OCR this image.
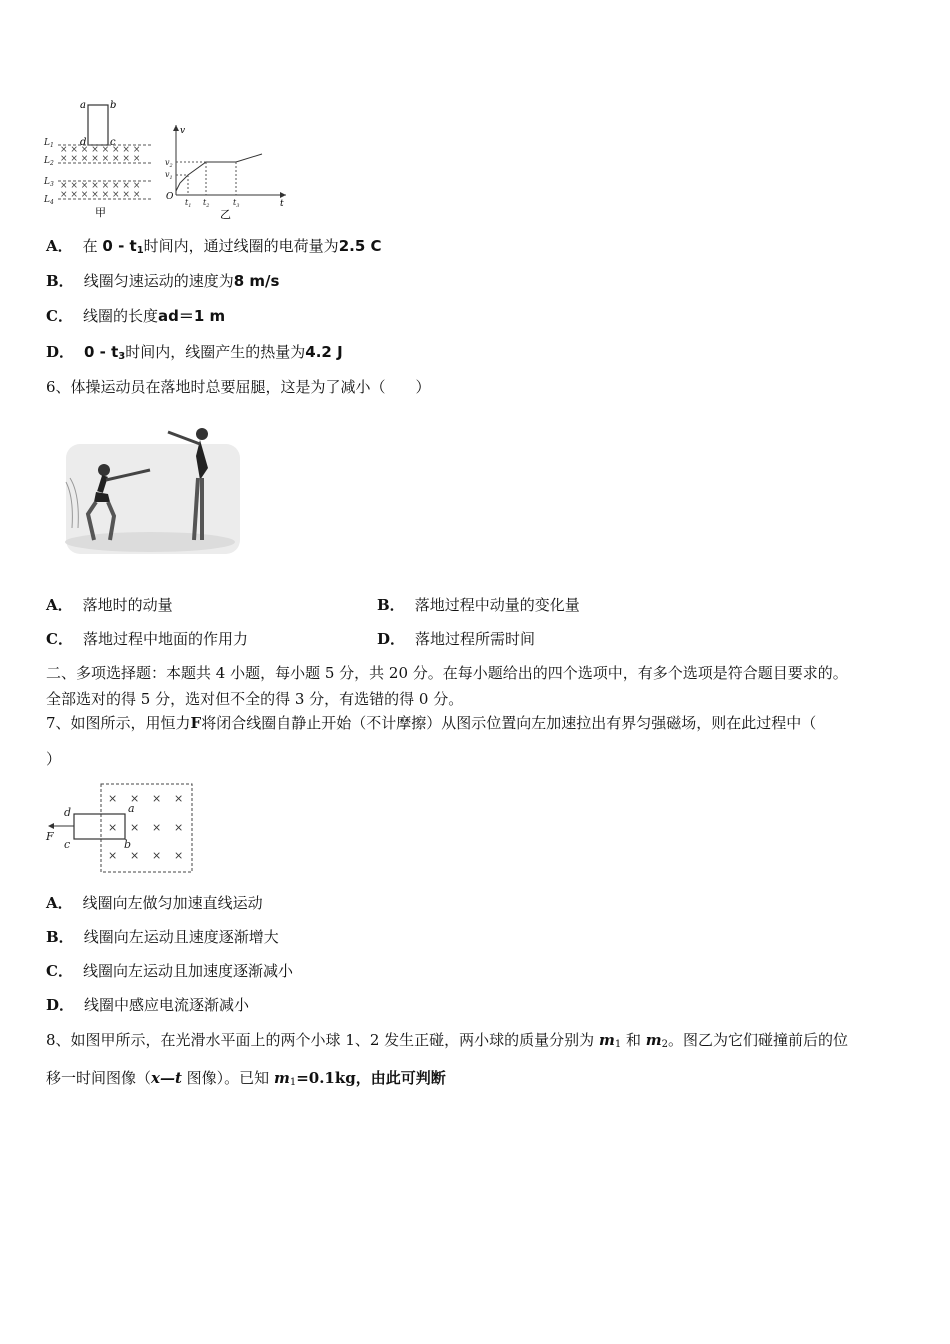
a b
d c
× × × × × × × ×
× × × × × × × ×
× × × × × × × ×
× × × × × × × ×
$L_1$
$L_2$
$L_3$
$L_4$
甲
v
t
O
$v_2$
$v_1$
$t_1$ $t_2$	$t_3$
乙
A． 在 $0 - t_1$时间内，通过线圈的电荷量为2.5 C
B． 线圈匀速运动的速度为8 m/s
C． 线圈的长度ad＝1 m
D． $0 - t_3$时间内，线圈产生的热量为4.2 J
6、体操运动员在落地时总要屈腿，这是为了减小（　　）
A． 落地时的动量	B． 落地过程中动量的变化量
C． 落地过程中地面的作用力	D． 落地过程所需时间
二、多项选择题：本题共 4 小题，每小题 5 分，共 20 分。在每小题给出的四个选项中，有多个选项是符合题目要求的。
全部选对的得 5 分，选对但不全的得 3 分，有选错的得 0 分。
7、如图所示，用恒力F将闭合线圈自静止开始（不计摩擦）从图示位置向左加速拉出有界匀强磁场，则在此过程中（
）
× × × ×
× × × ×
× × × ×
F
d
c
a
b
A． 线圈向左做匀加速直线运动
B． 线圈向左运动且速度逐渐增大
C． 线圈向左运动且加速度逐渐减小
D． 线圈中感应电流逐渐减小
8、如图甲所示，在光滑水平面上的两个小球 1、2 发生正碰，两小球的质量分别为 $m_1$ 和 $m_2$。图乙为它们碰撞前后的位
移一时间图像（x—t 图像）。已知 $m_1=0.1kg$，由此可判断
